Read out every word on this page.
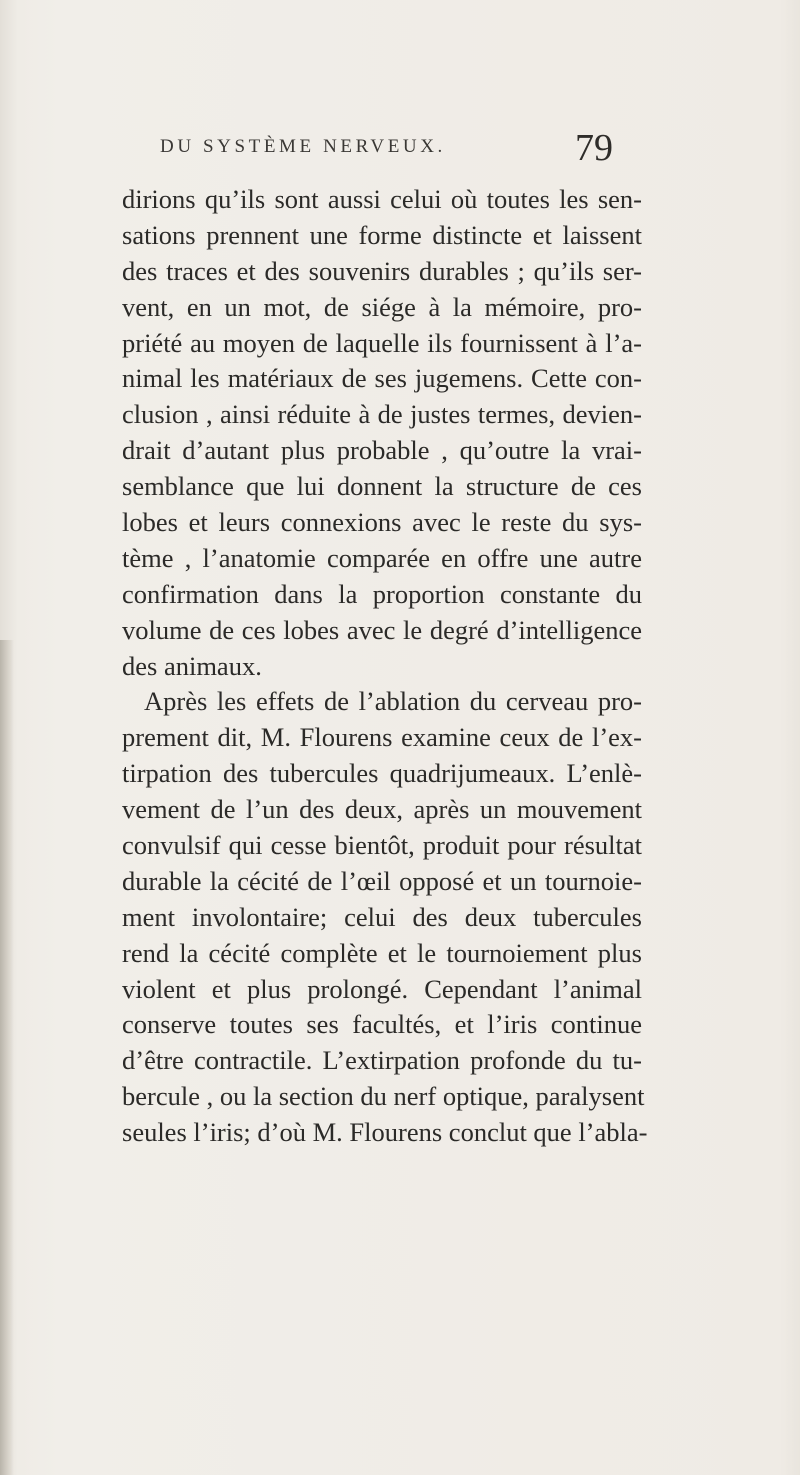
DU SYSTÈME NERVEUX.	79
dirions qu’ils sont aussi celui où toutes les sen-
sations prennent une forme distincte et laissent
des traces et des souvenirs durables ; qu’ils ser-
vent, en un mot, de siége à la mémoire, pro-
priété au moyen de laquelle ils fournissent à l’a-
nimal les matériaux de ses jugemens. Cette con-
clusion , ainsi réduite à de justes termes, devien-
drait d’autant plus probable , qu’outre la vrai-
semblance que lui donnent la structure de ces
lobes et leurs connexions avec le reste du sys-
tème , l’anatomie comparée en offre une autre
confirmation dans la proportion constante du
volume de ces lobes avec le degré d’intelligence
des animaux.
Après les effets de l’ablation du cerveau pro-
prement dit, M. Flourens examine ceux de l’ex-
tirpation des tubercules quadrijumeaux. L’enlè-
vement de l’un des deux, après un mouvement
convulsif qui cesse bientôt, produit pour résultat
durable la cécité de l’œil opposé et un tournoie-
ment involontaire; celui des deux tubercules
rend la cécité complète et le tournoiement plus
violent et plus prolongé. Cependant l’animal
conserve toutes ses facultés, et l’iris continue
d’être contractile. L’extirpation profonde du tu-
bercule , ou la section du nerf optique, paralysent
seules l’iris; d’où M. Flourens conclut que l’abla-
